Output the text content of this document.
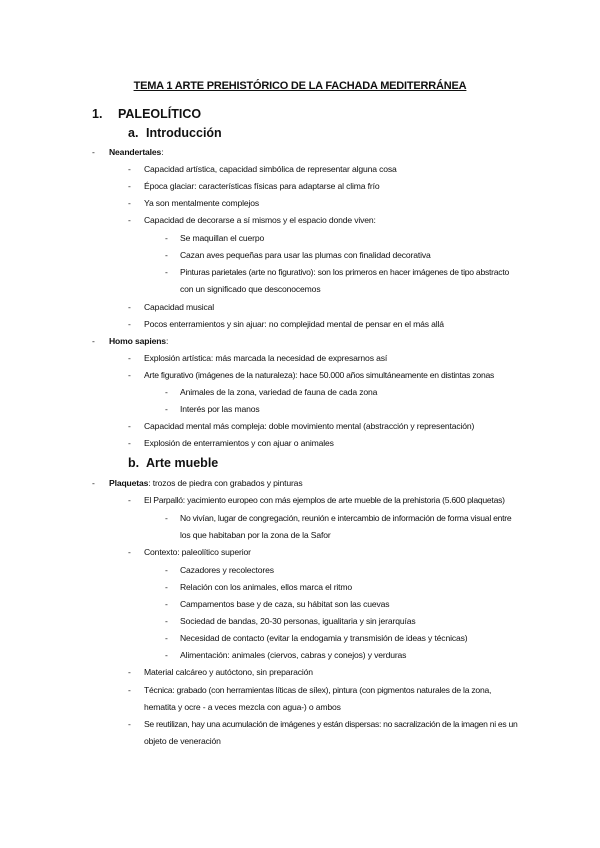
TEMA 1 ARTE PREHISTÓRICO DE LA FACHADA MEDITERRÁNEA
1. PALEOLÍTICO
a. Introducción
- Neandertales:
- Capacidad artística, capacidad simbólica de representar alguna cosa
- Época glaciar: características físicas para adaptarse al clima frío
- Ya son mentalmente complejos
- Capacidad de decorarse a sí mismos y el espacio donde viven:
- Se maquillan el cuerpo
- Cazan aves pequeñas para usar las plumas con finalidad decorativa
- Pinturas parietales (arte no figurativo): son los primeros en hacer imágenes de tipo abstracto
con un significado que desconocemos
- Capacidad musical
- Pocos enterramientos y sin ajuar: no complejidad mental de pensar en el más allá
- Homo sapiens:
- Explosión artística: más marcada la necesidad de expresarnos así
- Arte figurativo (imágenes de la naturaleza): hace 50.000 años simultáneamente en distintas zonas
- Animales de la zona, variedad de fauna de cada zona
- Interés por las manos
- Capacidad mental más compleja: doble movimiento mental (abstracción y representación)
- Explosión de enterramientos y con ajuar o animales
b. Arte mueble
- Plaquetas: trozos de piedra con grabados y pinturas
- El Parpalló: yacimiento europeo con más ejemplos de arte mueble de la prehistoria (5.600 plaquetas)
- No vivían, lugar de congregación, reunión e intercambio de información de forma visual entre
los que habitaban por la zona de la Safor
- Contexto: paleolítico superior
- Cazadores y recolectores
- Relación con los animales, ellos marca el ritmo
- Campamentos base y de caza, su hábitat son las cuevas
- Sociedad de bandas, 20-30 personas, igualitaria y sin jerarquías
- Necesidad de contacto (evitar la endogamia y transmisión de ideas y técnicas)
- Alimentación: animales (ciervos, cabras y conejos) y verduras
- Material calcáreo y autóctono, sin preparación
- Técnica: grabado (con herramientas líticas de sílex), pintura (con pigmentos naturales de la zona,
hematita y ocre - a veces mezcla con agua-) o ambos
- Se reutilizan, hay una acumulación de imágenes y están dispersas: no sacralización de la imagen ni es un
objeto de veneración
